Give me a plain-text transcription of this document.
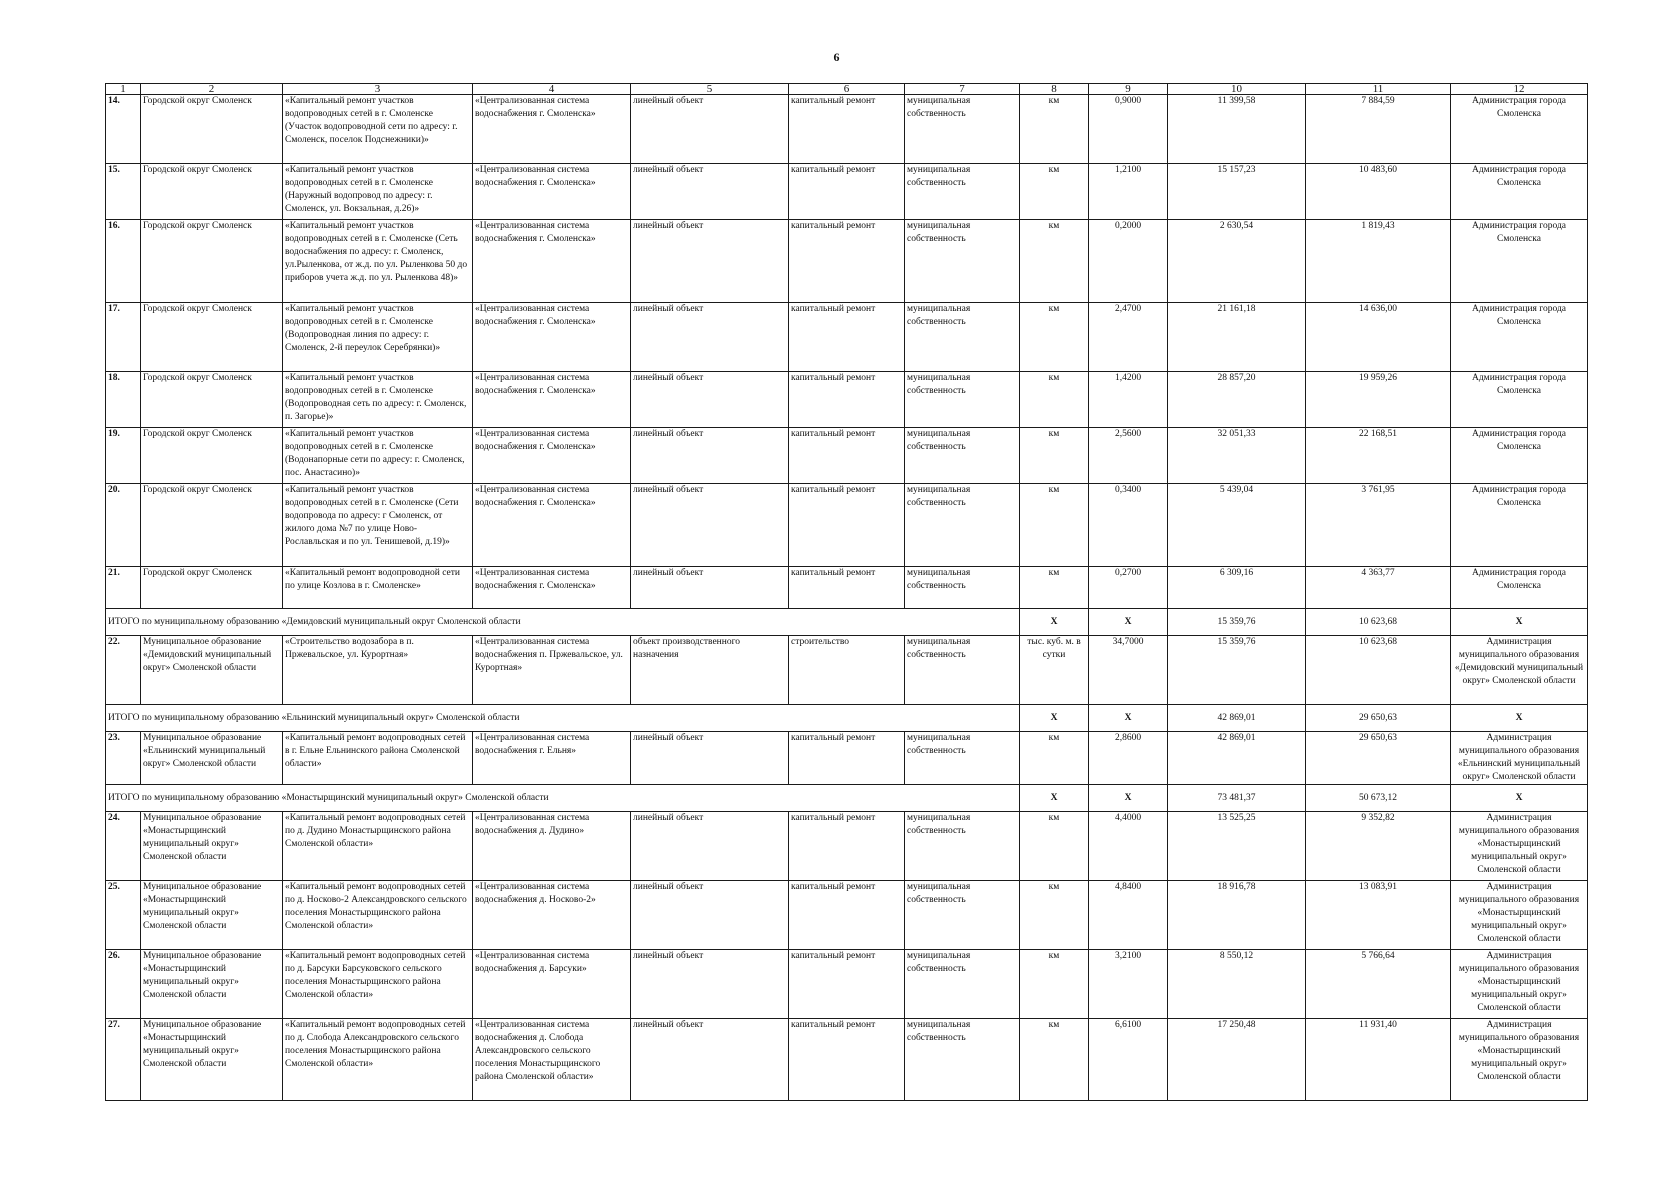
6
1	2	3	4	5	6	7	8	9	10	11	12
14.	Городской округ Смоленск	«Капитальный ремонт участков водопроводных сетей в г. Смоленске (Участок водопроводной сети по адресу: г. Смоленск, поселок Подснежники)»	«Централизованная система водоснабжения г. Смоленска»	линейный объект	капитальный ремонт	муниципальная собственность	км	0,9000	11 399,58	7 884,59	Администрация города Смоленска
15.	Городской округ Смоленск	«Капитальный ремонт участков водопроводных сетей в г. Смоленске (Наружный водопровод по адресу: г. Смоленск, ул. Вокзальная, д.26)»	«Централизованная система водоснабжения г. Смоленска»	линейный объект	капитальный ремонт	муниципальная собственность	км	1,2100	15 157,23	10 483,60	Администрация города Смоленска
16.	Городской округ Смоленск	«Капитальный ремонт участков водопроводных сетей в г. Смоленске (Сеть водоснабжения по адресу: г. Смоленск, ул.Рыленкова, от ж.д. по ул. Рыленкова 50 до приборов учета ж.д. по ул. Рыленкова 48)»	«Централизованная система водоснабжения г. Смоленска»	линейный объект	капитальный ремонт	муниципальная собственность	км	0,2000	2 630,54	1 819,43	Администрация города Смоленска
17.	Городской округ Смоленск	«Капитальный ремонт участков водопроводных сетей в г. Смоленске (Водопроводная линия по адресу: г. Смоленск, 2-й переулок Серебрянки)»	«Централизованная система водоснабжения г. Смоленска»	линейный объект	капитальный ремонт	муниципальная собственность	км	2,4700	21 161,18	14 636,00	Администрация города Смоленска
18.	Городской округ Смоленск	«Капитальный ремонт участков водопроводных сетей в г. Смоленске (Водопроводная сеть по адресу: г. Смоленск, п. Загорье)»	«Централизованная система водоснабжения г. Смоленска»	линейный объект	капитальный ремонт	муниципальная собственность	км	1,4200	28 857,20	19 959,26	Администрация города Смоленска
19.	Городской округ Смоленск	«Капитальный ремонт участков водопроводных сетей в г. Смоленске (Водонапорные сети по адресу: г. Смоленск, пос. Анастасино)»	«Централизованная система водоснабжения г. Смоленска»	линейный объект	капитальный ремонт	муниципальная собственность	км	2,5600	32 051,33	22 168,51	Администрация города Смоленска
20.	Городской округ Смоленск	«Капитальный ремонт участков водопроводных сетей в г. Смоленске (Сети водопровода по адресу: г Смоленск, от жилого дома №7 по улице Ново-Рославльская и по ул. Тенишевой, д.19)»	«Централизованная система водоснабжения г. Смоленска»	линейный объект	капитальный ремонт	муниципальная собственность	км	0,3400	5 439,04	3 761,95	Администрация города Смоленска
21.	Городской округ Смоленск	«Капитальный ремонт водопроводной сети по улице Козлова в г. Смоленске»	«Централизованная система водоснабжения г. Смоленска»	линейный объект	капитальный ремонт	муниципальная собственность	км	0,2700	6 309,16	4 363,77	Администрация города Смоленска
ИТОГО по муниципальному образованию «Демидовский муниципальный округ Смоленской области							Х	Х	15 359,76	10 623,68	Х
22.	Муниципальное образование «Демидовский муниципальный округ» Смоленской области	«Строительство водозабора в п. Пржевальское, ул. Курортная»	«Централизованная система водоснабжения п. Пржевальское, ул. Курортная»	объект производственного назначения	строительство	муниципальная собственность	тыс. куб. м. в сутки	34,7000	15 359,76	10 623,68	Администрация муниципального образования «Демидовский муниципальный округ» Смоленской области
ИТОГО по муниципальному образованию «Ельнинский муниципальный округ» Смоленской области							Х	Х	42 869,01	29 650,63	Х
23.	Муниципальное образование «Ельнинский муниципальный округ» Смоленской области	«Капитальный ремонт водопроводных сетей в г. Ельне Ельнинского района Смоленской области»	«Централизованная система водоснабжения г. Ельня»	линейный объект	капитальный ремонт	муниципальная собственность	км	2,8600	42 869,01	29 650,63	Администрация муниципального образования «Ельнинский муниципальный округ» Смоленской области
ИТОГО по муниципальному образованию «Монастырщинский муниципальный округ» Смоленской области							Х	Х	73 481,37	50 673,12	Х
24.	Муниципальное образование «Монастырщинский муниципальный округ» Смоленской области	«Капитальный ремонт водопроводных сетей по д. Дудино Монастырщинского района Смоленской области»	«Централизованная система водоснабжения д. Дудино»	линейный объект	капитальный ремонт	муниципальная собственность	км	4,4000	13 525,25	9 352,82	Администрация муниципального образования «Монастырщинский муниципальный округ» Смоленской области
25.	Муниципальное образование «Монастырщинский муниципальный округ» Смоленской области	«Капитальный ремонт водопроводных сетей по д. Носково-2 Александровского сельского поселения Монастырщинского района Смоленской области»	«Централизованная система водоснабжения д. Носково-2»	линейный объект	капитальный ремонт	муниципальная собственность	км	4,8400	18 916,78	13 083,91	Администрация муниципального образования «Монастырщинский муниципальный округ» Смоленской области
26.	Муниципальное образование «Монастырщинский муниципальный округ» Смоленской области	«Капитальный ремонт водопроводных сетей по д. Барсуки Барсуковского сельского поселения Монастырщинского района Смоленской области»	«Централизованная система водоснабжения д. Барсуки»	линейный объект	капитальный ремонт	муниципальная собственность	км	3,2100	8 550,12	5 766,64	Администрация муниципального образования «Монастырщинский муниципальный округ» Смоленской области
27.	Муниципальное образование «Монастырщинский муниципальный округ» Смоленской области	«Капитальный ремонт водопроводных сетей по д. Слобода Александровского сельского поселения Монастырщинского района Смоленской области»	«Централизованная система водоснабжения д. Слобода Александровского сельского поселения Монастырщинского района Смоленской области»	линейный объект	капитальный ремонт	муниципальная собственность	км	6,6100	17 250,48	11 931,40	Администрация муниципального образования «Монастырщинский муниципальный округ» Смоленской области
